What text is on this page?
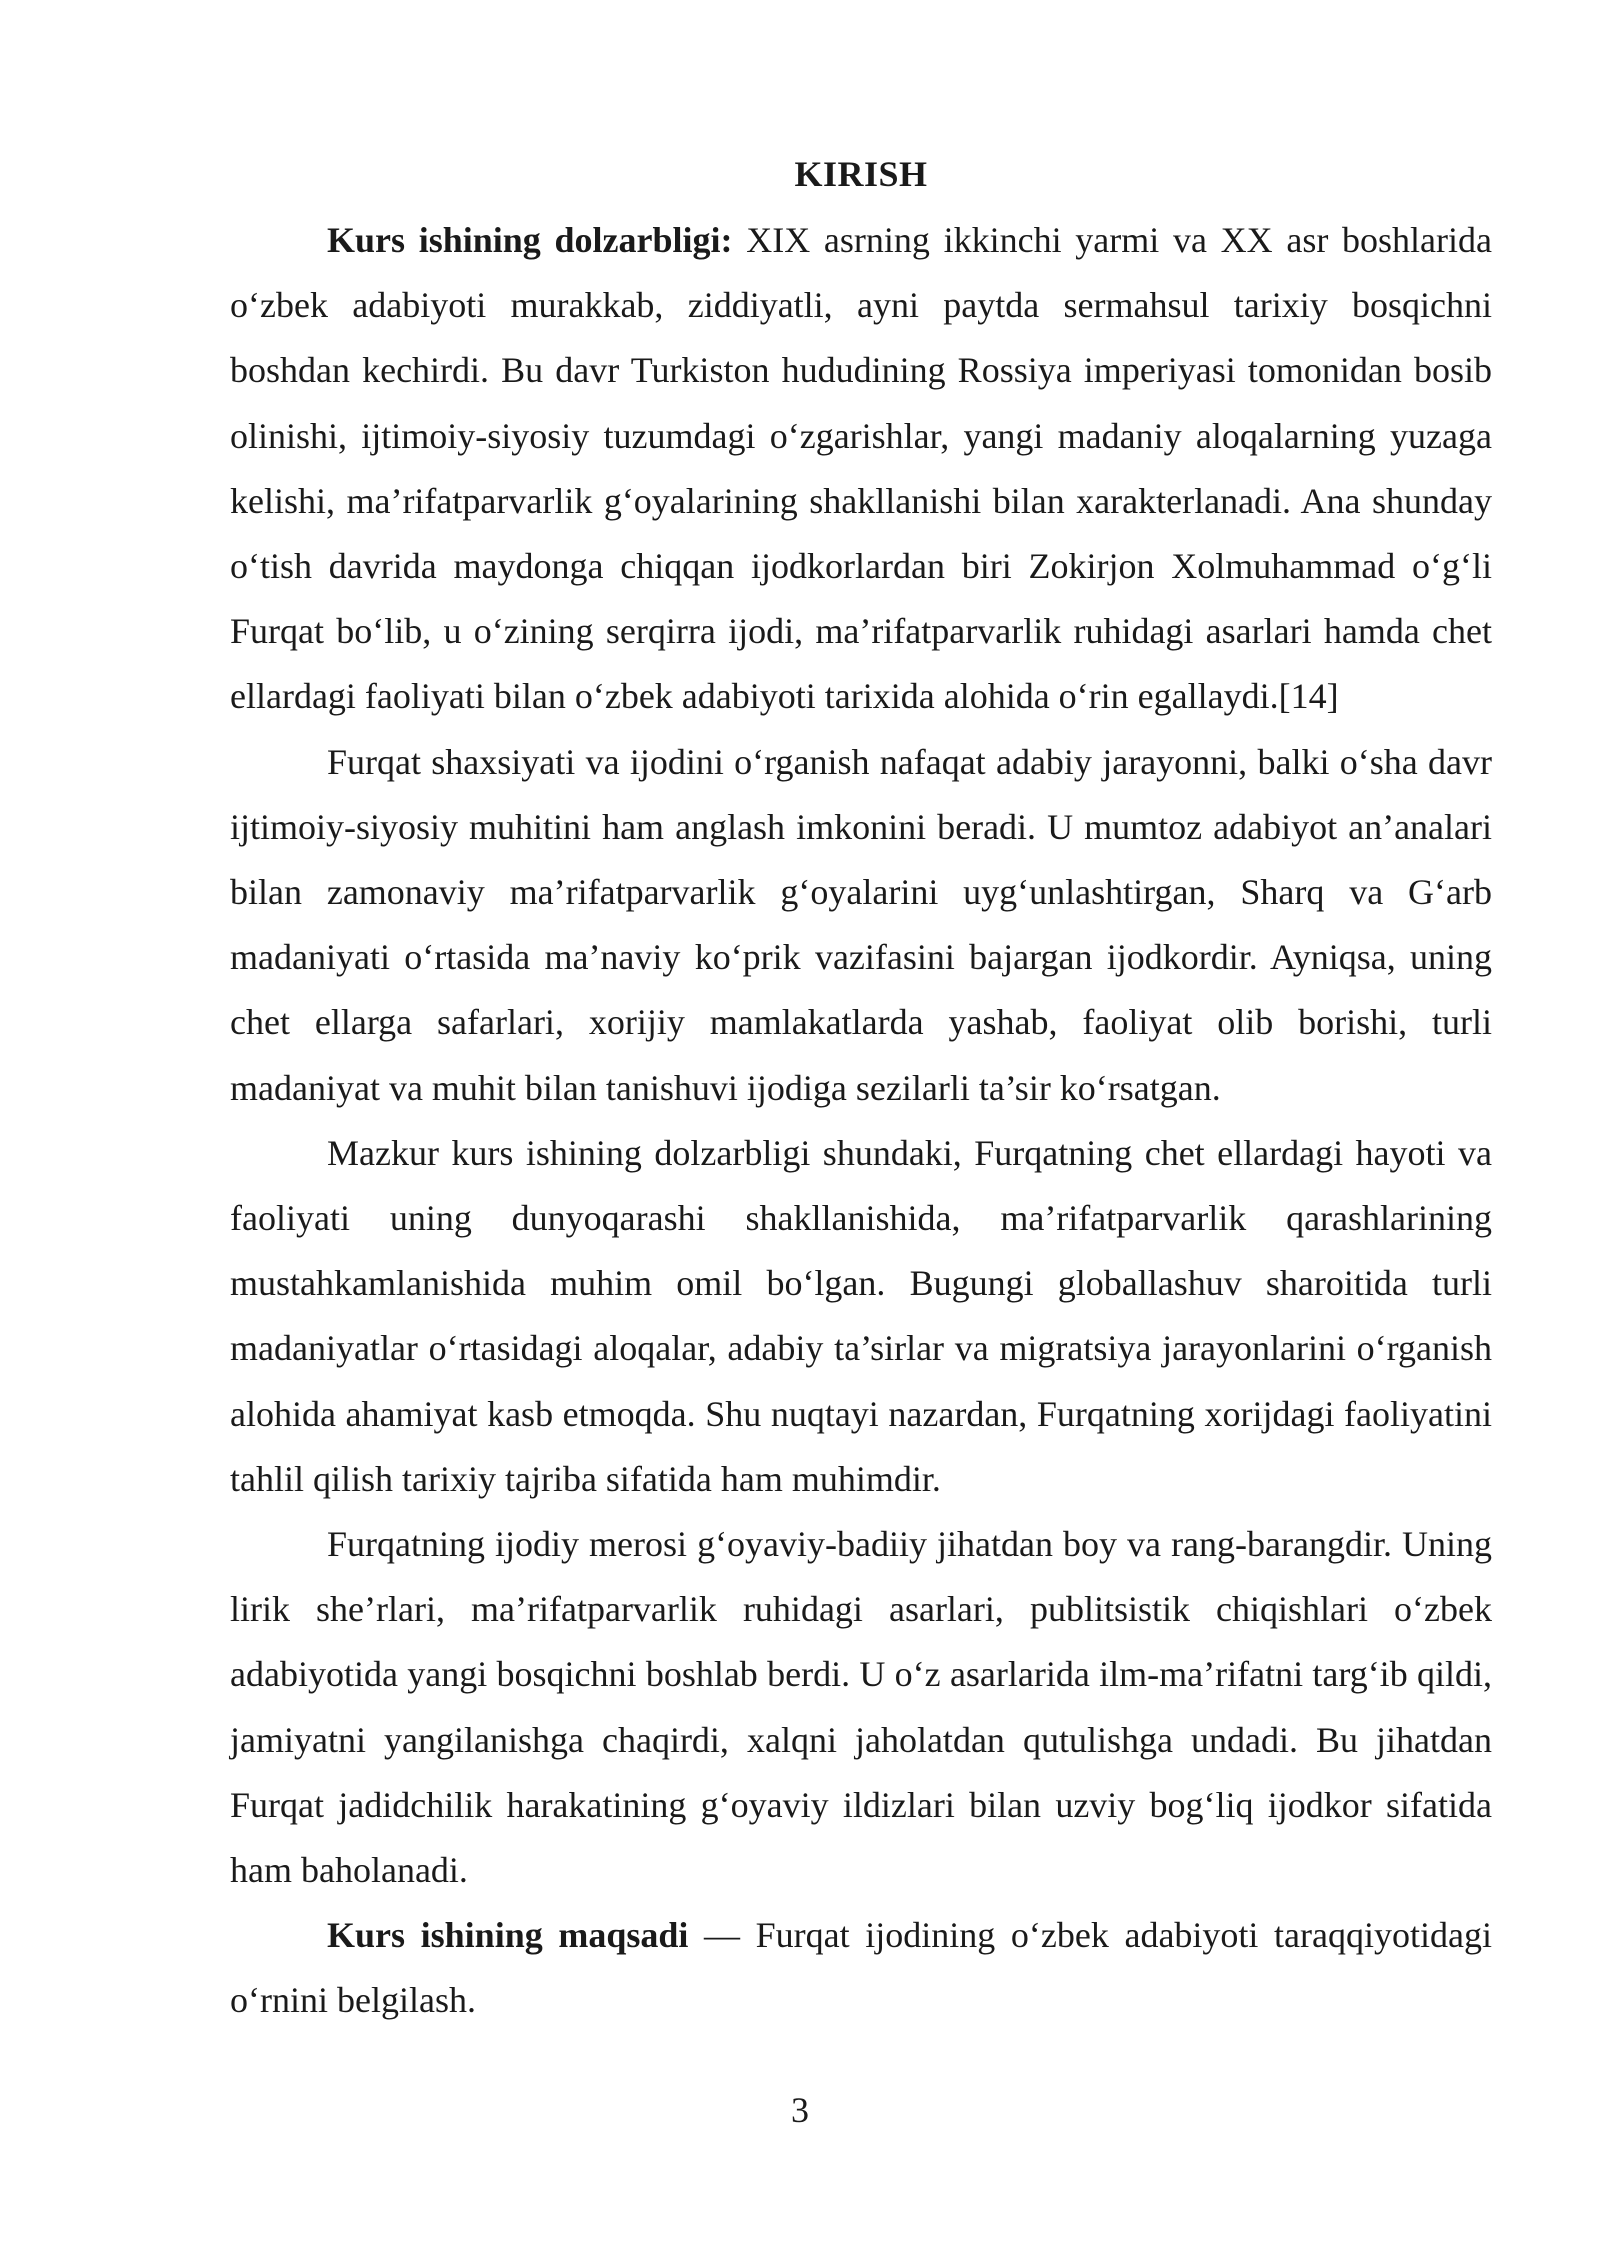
KIRISH

Kurs ishining dolzarbligi: XIX asrning ikkinchi yarmi va XX asr boshlarida o‘zbek adabiyoti murakkab, ziddiyatli, ayni paytda sermahsul tarixiy bosqichni boshdan kechirdi. Bu davr Turkiston hududining Rossiya imperiyasi tomonidan bosib olinishi, ijtimoiy-siyosiy tuzumdagi o‘zgarishlar, yangi madaniy aloqalarning yuzaga kelishi, ma’rifatparvarlik g‘oyalarining shakllanishi bilan xarakterlanadi. Ana shunday o‘tish davrida maydonga chiqqan ijodkorlardan biri Zokirjon Xolmuhammad o‘g‘li Furqat bo‘lib, u o‘zining serqirra ijodi, ma’rifatparvarlik ruhidagi asarlari hamda chet ellardagi faoliyati bilan o‘zbek adabiyoti tarixida alohida o‘rin egallaydi.[14]

Furqat shaxsiyati va ijodini o‘rganish nafaqat adabiy jarayonni, balki o‘sha davr ijtimoiy-siyosiy muhitini ham anglash imkonini beradi. U mumtoz adabiyot an’analari bilan zamonaviy ma’rifatparvarlik g‘oyalarini uyg‘unlashtirgan, Sharq va G‘arb madaniyati o‘rtasida ma’naviy ko‘prik vazifasini bajargan ijodkordir. Ayniqsa, uning chet ellarga safarlari, xorijiy mamlakatlarda yashab, faoliyat olib borishi, turli madaniyat va muhit bilan tanishuvi ijodiga sezilarli ta’sir ko‘rsatgan.

Mazkur kurs ishining dolzarbligi shundaki, Furqatning chet ellardagi hayoti va faoliyati uning dunyoqarashi shakllanishida, ma’rifatparvarlik qarashlarining mustahkamlanishida muhim omil bo‘lgan. Bugungi globallashuv sharoitida turli madaniyatlar o‘rtasidagi aloqalar, adabiy ta’sirlar va migratsiya jarayonlarini o‘rganish alohida ahamiyat kasb etmoqda. Shu nuqtayi nazardan, Furqatning xorijdagi faoliyatini tahlil qilish tarixiy tajriba sifatida ham muhimdir.

Furqatning ijodiy merosi g‘oyaviy-badiiy jihatdan boy va rang-barangdir. Uning lirik she’rlari, ma’rifatparvarlik ruhidagi asarlari, publitsistik chiqishlari o‘zbek adabiyotida yangi bosqichni boshlab berdi. U o‘z asarlarida ilm-ma’rifatni targ‘ib qildi, jamiyatni yangilanishga chaqirdi, xalqni jaholatdan qutulishga undadi. Bu jihatdan Furqat jadidchilik harakatining g‘oyaviy ildizlari bilan uzviy bog‘liq ijodkor sifatida ham baholanadi.

Kurs ishining maqsadi — Furqat ijodining o‘zbek adabiyoti taraqqiyotidagi o‘rnini belgilash.

3
